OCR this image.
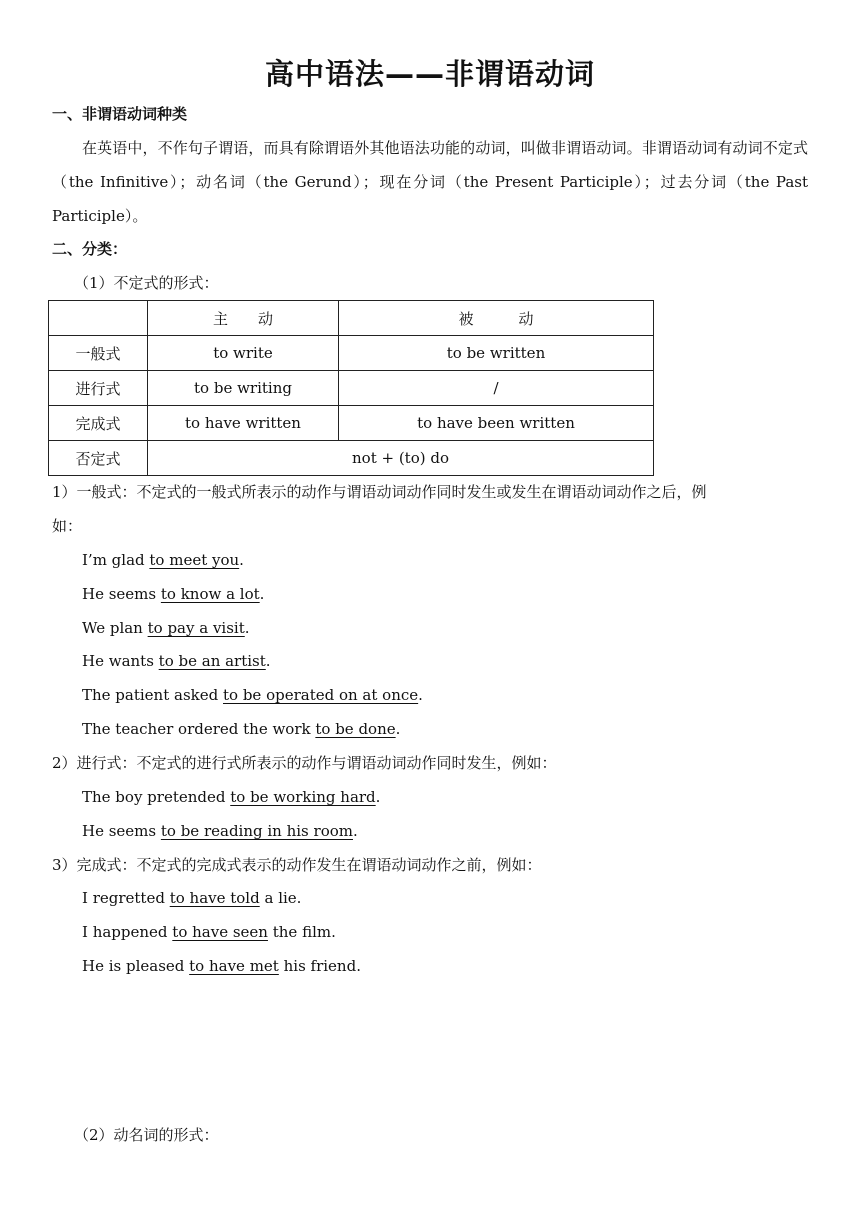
高中语法——非谓语动词
一、非谓语动词种类
在英语中，不作句子谓语，而具有除谓语外其他语法功能的动词，叫做非谓语动词。非谓语动词有动词不定式（the Infinitive）；动名词（the Gerund）；现在分词（the Present Participle）；过去分词（the Past Participle）。
二、分类：
（1）不定式的形式：
	主　　动	被　　　动
一般式	to write	to be written
进行式	to be writing	/
完成式	to have written	to have been written
否定式	not + (to) do	
1）一般式：不定式的一般式所表示的动作与谓语动词动作同时发生或发生在谓语动词动作之后，例
如：
I’m glad to meet you.
He seems to know a lot.
We plan to pay a visit.
He wants to be an artist.
The patient asked to be operated on at once.
The teacher ordered the work to be done.
2）进行式：不定式的进行式所表示的动作与谓语动词动作同时发生，例如：
The boy pretended to be working hard.
He seems to be reading in his room.
3）完成式：不定式的完成式表示的动作发生在谓语动词动作之前，例如：
I regretted to have told a lie.
I happened to have seen the film.
He is pleased to have met his friend.
（2）动名词的形式：
